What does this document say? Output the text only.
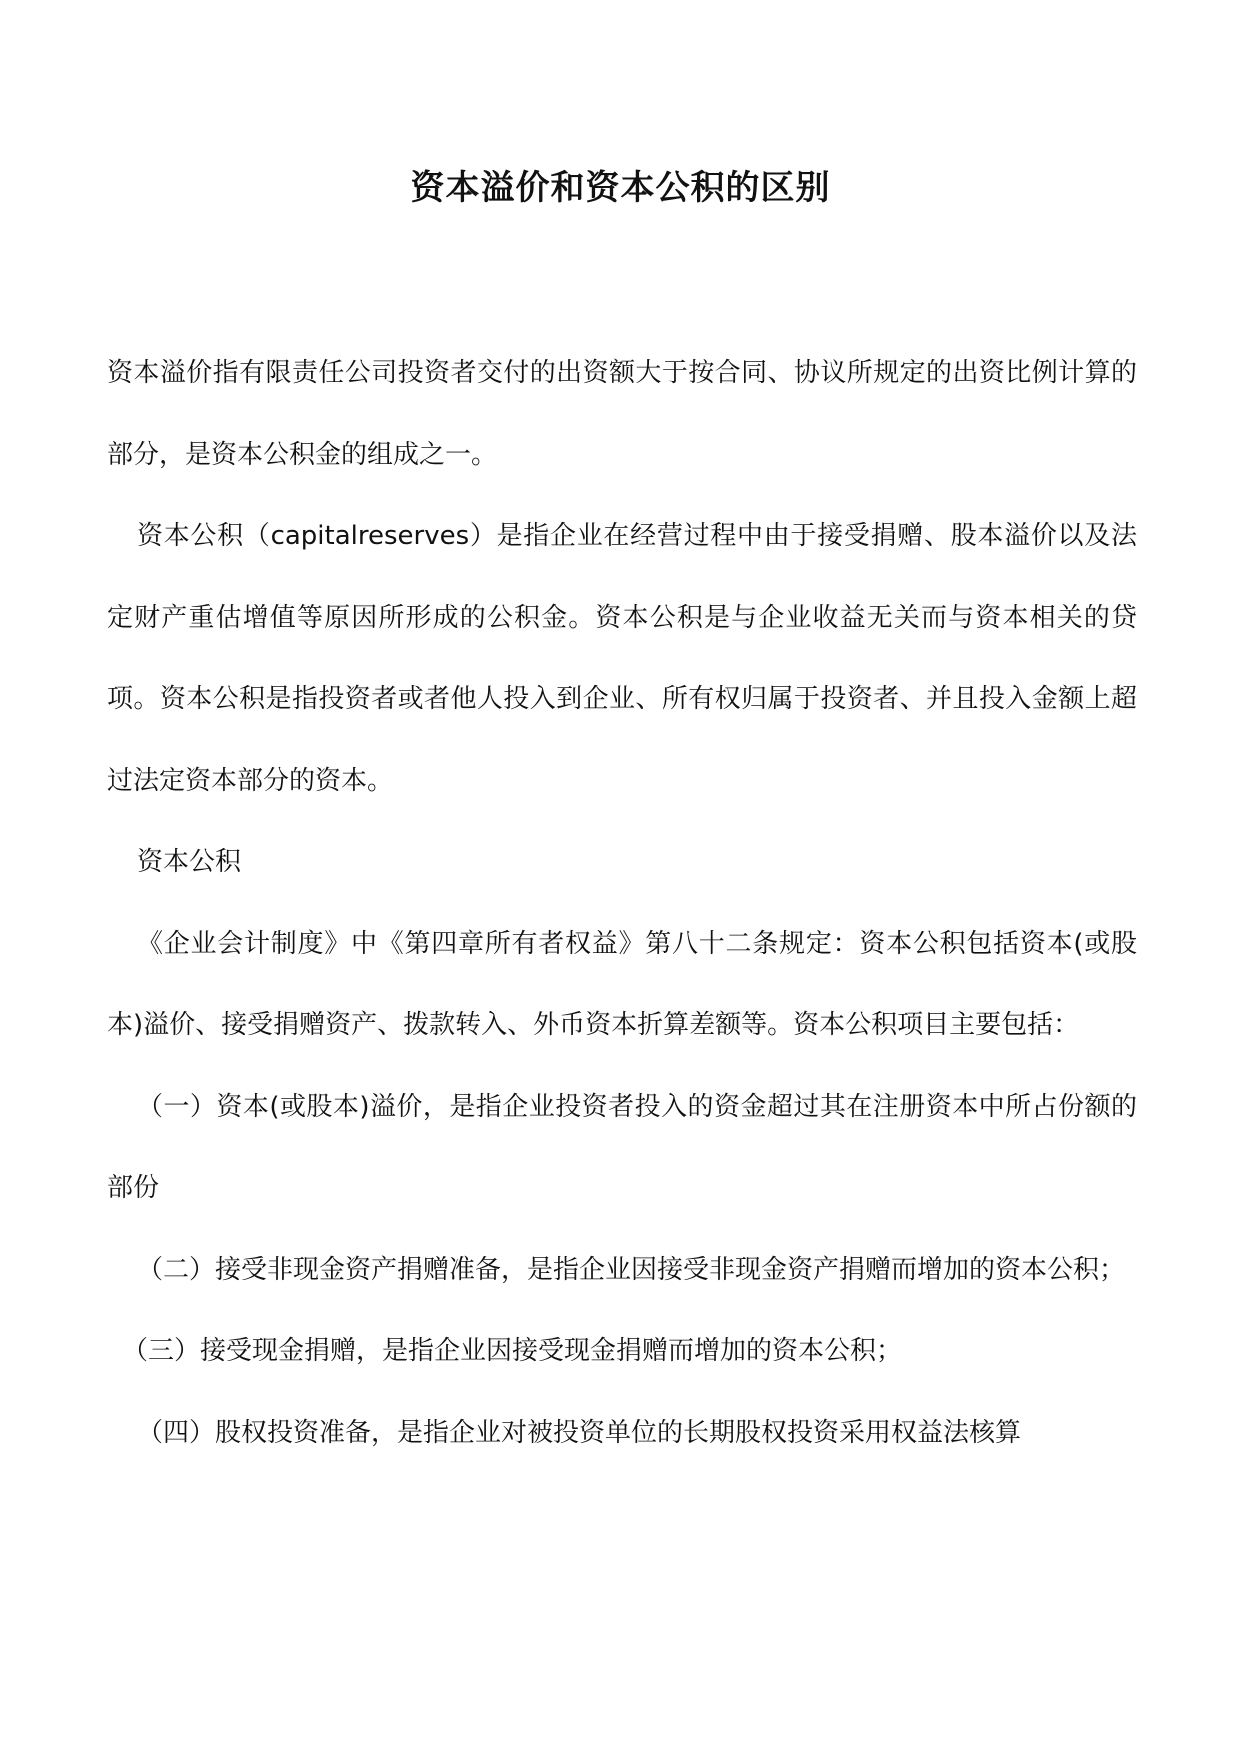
资本溢价和资本公积的区别

资本溢价指有限责任公司投资者交付的出资额大于按合同、协议所规定的出资比例计算的部分，是资本公积金的组成之一。

资本公积（capitalreserves）是指企业在经营过程中由于接受捐赠、股本溢价以及法定财产重估增值等原因所形成的公积金。资本公积是与企业收益无关而与资本相关的贷项。资本公积是指投资者或者他人投入到企业、所有权归属于投资者、并且投入金额上超过法定资本部分的资本。

资本公积

《企业会计制度》中《第四章所有者权益》第八十二条规定：资本公积包括资本(或股本)溢价、接受捐赠资产、拨款转入、外币资本折算差额等。资本公积项目主要包括：

（一）资本(或股本)溢价，是指企业投资者投入的资金超过其在注册资本中所占份额的部份

（二）接受非现金资产捐赠准备，是指企业因接受非现金资产捐赠而增加的资本公积；

（三）接受现金捐赠，是指企业因接受现金捐赠而增加的资本公积；

（四）股权投资准备，是指企业对被投资单位的长期股权投资采用权益法核算
